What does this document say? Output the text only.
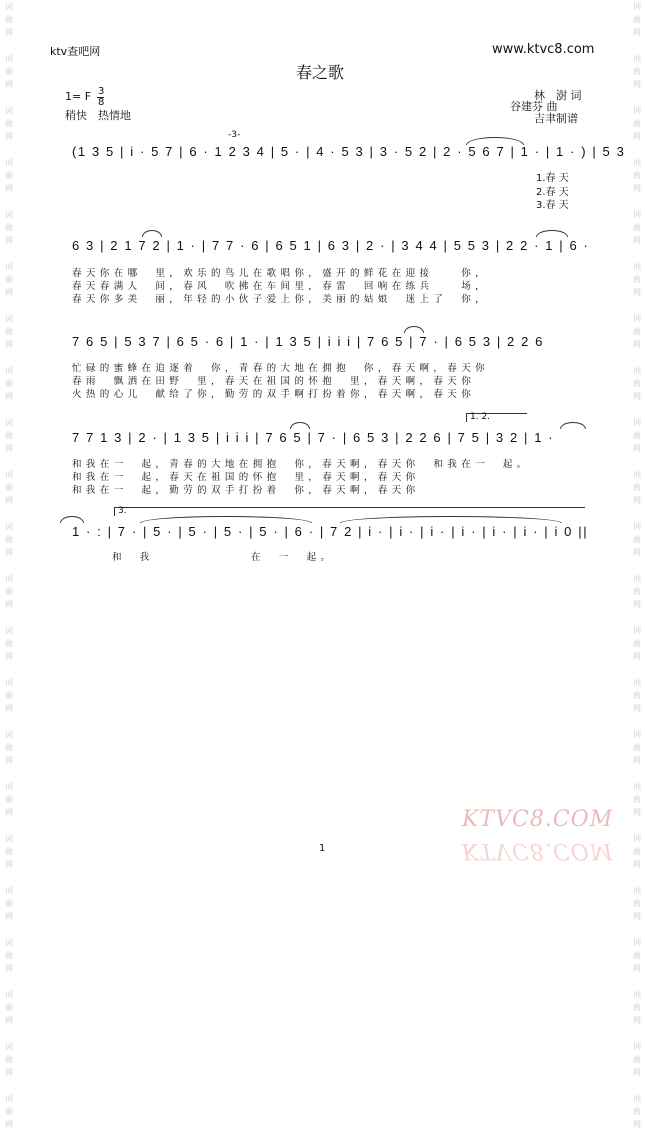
词
曲
网

词
曲
网

词
曲
网

词
曲
网

词
曲
网

词
曲
网

词
曲
网

词
曲
网

词
曲
网

词
曲
网

词
曲
网

词
曲
网

词
曲
网

词
曲
网

词
曲
网

词
曲
网

词
曲
网

词
曲
网

词
曲
网

词
曲
网

词
曲
网

词
曲
网

词
曲
网

词
曲
网

词
曲
网

词
曲
网

词
曲
网

词
曲
网

词
曲
网

词
曲
网

词
曲
网

词
曲
网

词
曲
网

词
曲
网

词
曲
网

词
曲
网

词
曲
网

词
曲
网

词
曲
网

词
曲
网

词
曲
网

词
曲
网

词
曲
网

词
曲
网

ktv查吧网	www.ktvc8.com
春之歌
1= F 3
8
稍快　热情地
林　澍 词
谷建芬 曲
吉聿制谱
(1 3 5 | i · 5 7 | 6 · 1 2 3 4 | 5 · | 4 · 5 3 | 3 · 5 2 | 2 · 5 6 7 | 1 · | 1 · ) | 5 3
-3-
1.春 天
2.春 天
3.春 天
6 3 | 2 1 7 2 | 1 · | 7 7 · 6 | 6 5 1 | 6 3 | 2 · | 3 4 4 | 5 5 3 | 2 2 · 1 | 6 ·
春天你在哪　里，欢乐的鸟儿在歌唱你，盛开的鲜花在迎接　　你，
春天春满人　间，春风　吹拂在车间里，春雷　回响在练兵　　场，
春天你多美　丽，年轻的小伙子爱上你，美丽的姑娘　迷上了　你，
7 6 5 | 5 3 7 | 6 5 · 6 | 1 · | 1 3 5 | i i i | 7 6 5 | 7 · | 6 5 3 | 2 2 6
忙碌的蜜蜂在追逐着　你，青春的大地在拥抱　你，春天啊，春天你
春雨　飘洒在田野　里，春天在祖国的怀抱　里，春天啊，春天你
火热的心儿　献给了你，勤劳的双手啊打扮着你，春天啊，春天你
7 7 1 3 | 2 · | 1 3 5 | i i i | 7 6 5 | 7 · | 6 5 3 | 2 2 6 | 7 5 | 3 2 | 1 ·
1. 2.
和我在一　起，青春的大地在拥抱　你，春天啊，春天你　和我在一　起。
和我在一　起，春天在祖国的怀抱　里，春天啊，春天你
和我在一　起，勤劳的双手打扮着　你，春天啊，春天你
1 · : | 7 · | 5 · | 5 · | 5 · | 5 · | 6 · | 7 2 | i · | i · | i · | i · | i · | i · | i 0 ||
3.
和　我　　　　　　　在　一　起。
1
KTVC8.COM
KTVC8.COM
